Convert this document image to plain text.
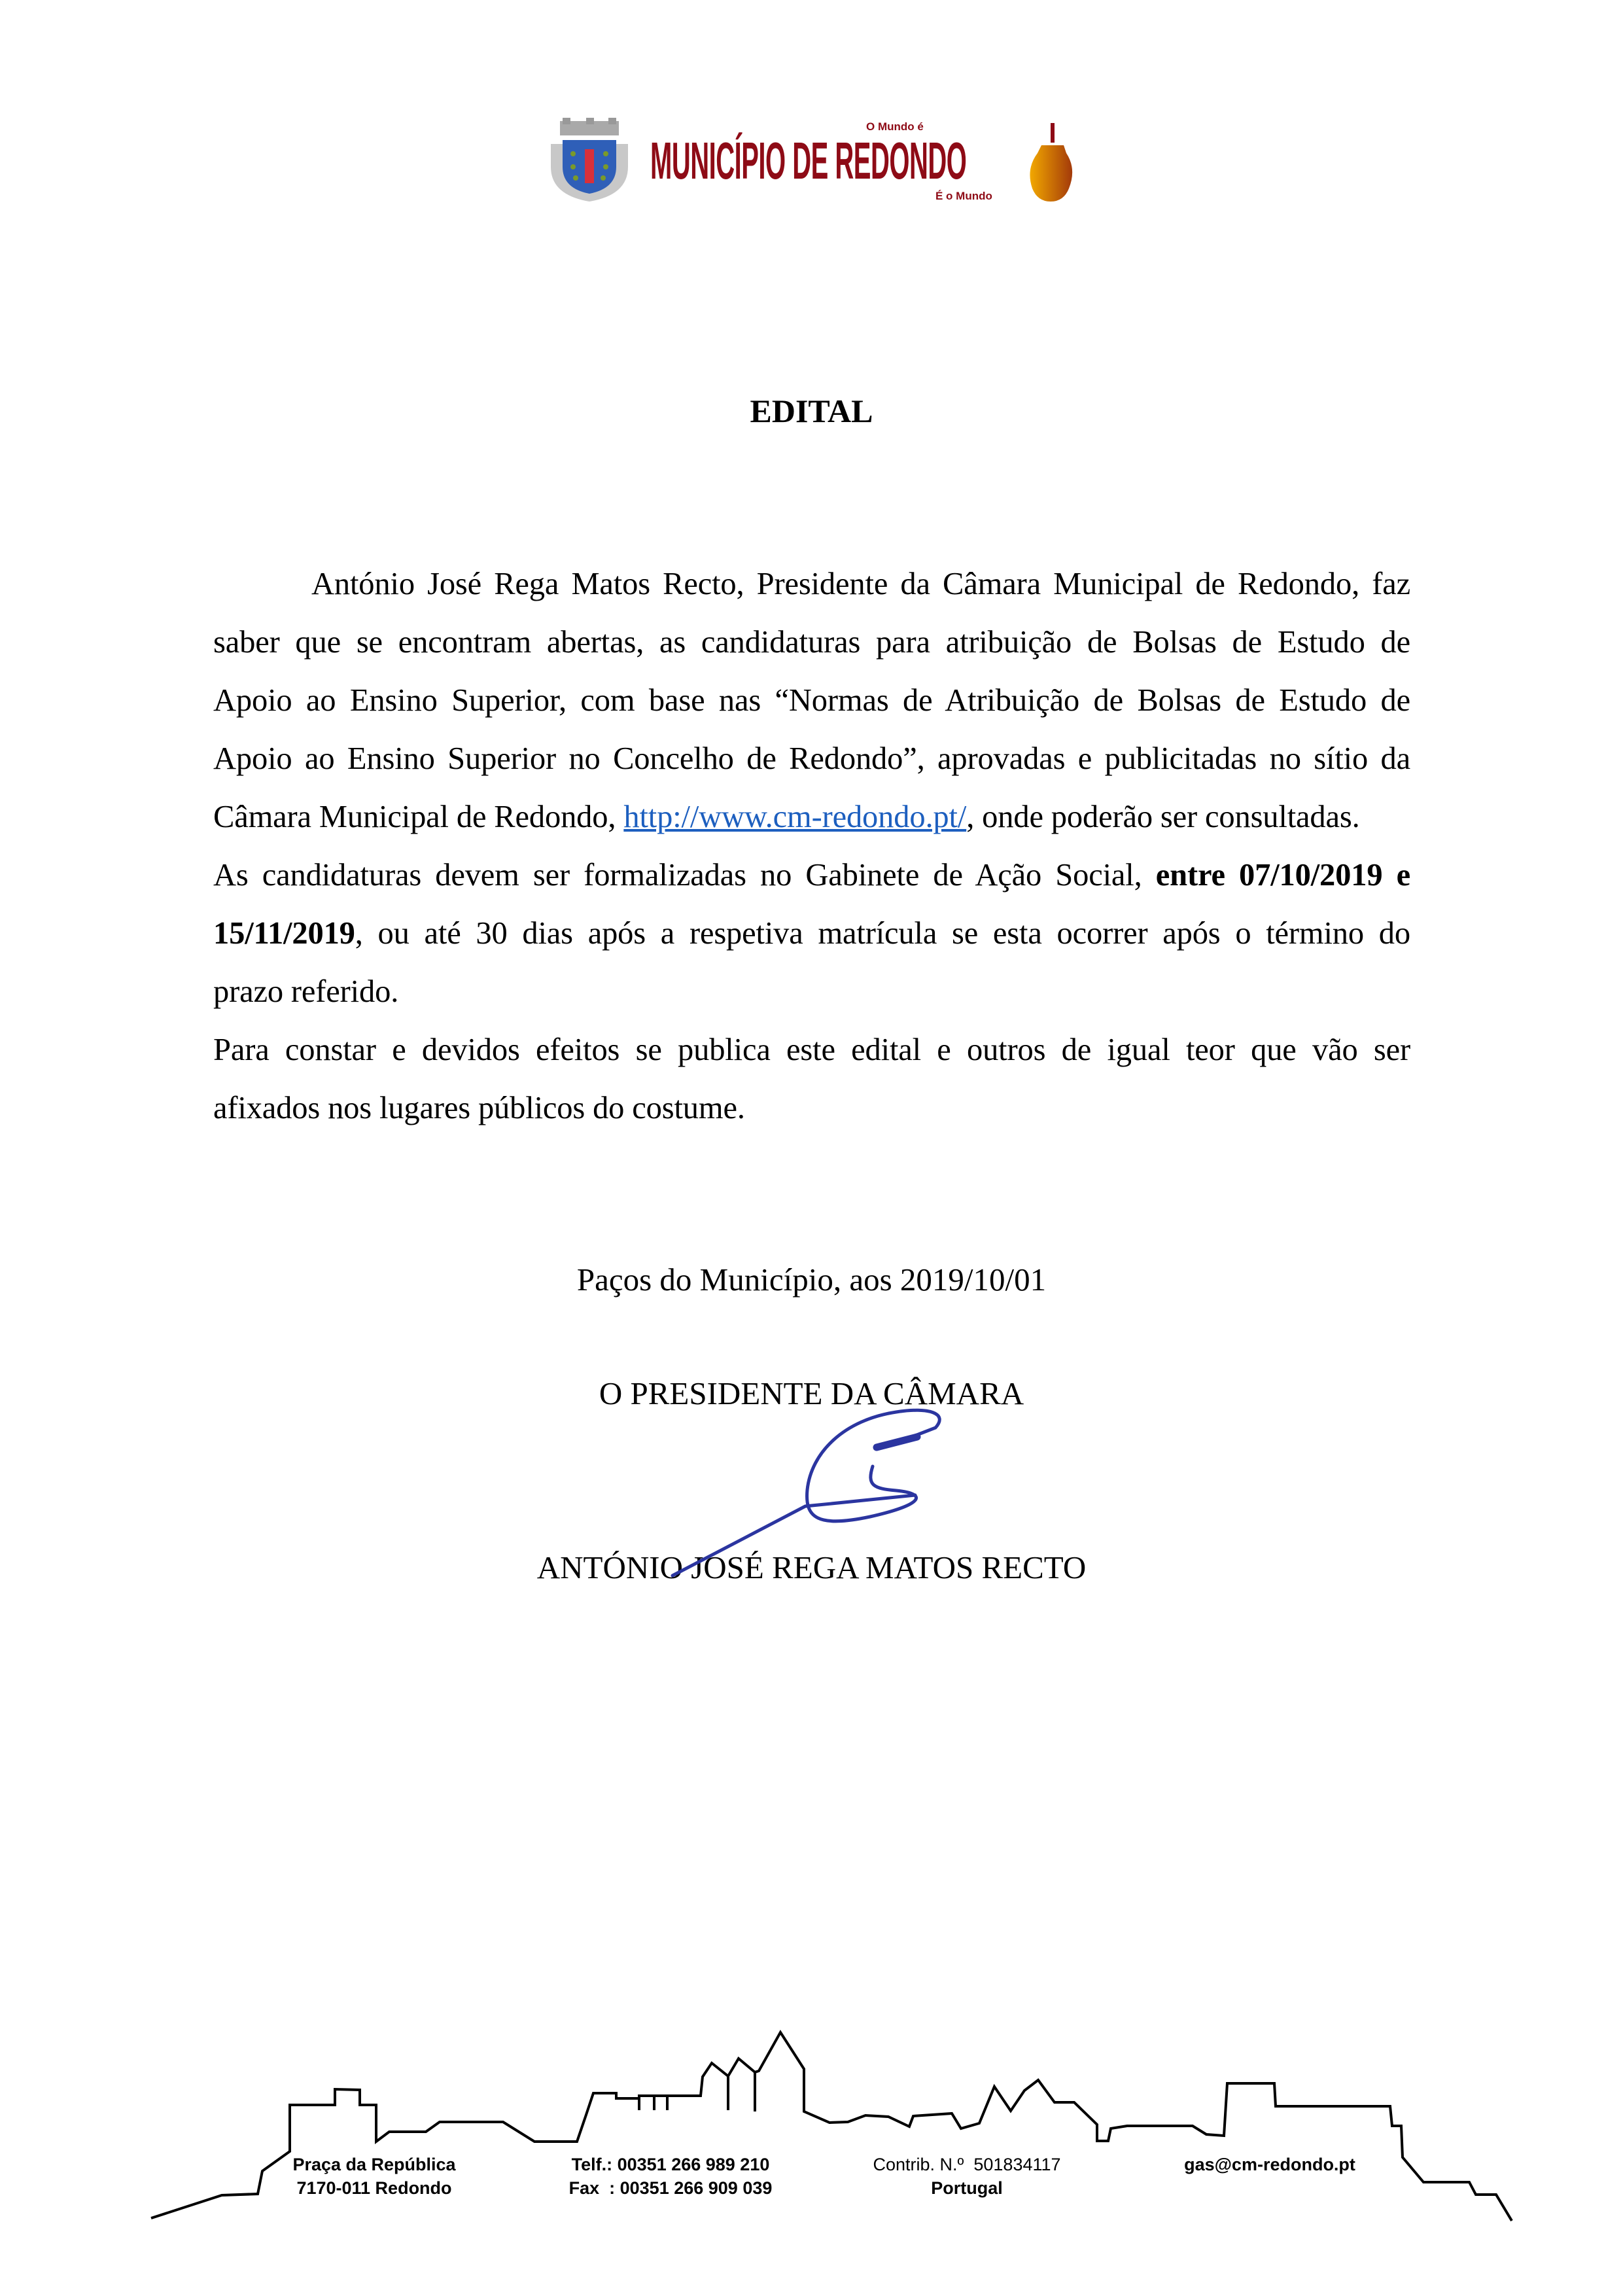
MUNICÍPIO DE REDONDO
O Mundo é
É o Mundo
EDITAL
António José Rega Matos Recto, Presidente da Câmara Municipal de Redondo, faz
saber que se encontram abertas, as candidaturas para atribuição de Bolsas de Estudo de
Apoio ao Ensino Superior, com base nas “Normas de Atribuição de Bolsas de Estudo de
Apoio ao Ensino Superior no Concelho de Redondo”, aprovadas e publicitadas no sítio da
Câmara Municipal de Redondo, http://www.cm-redondo.pt/, onde poderão ser consultadas.
As candidaturas devem ser formalizadas no Gabinete de Ação Social, entre 07/10/2019 e
15/11/2019, ou até 30 dias após a respetiva matrícula se esta ocorrer após o término do
prazo referido.
Para constar e devidos efeitos se publica este edital e outros de igual teor que vão ser
afixados nos lugares públicos do costume.
Paços do Município, aos 2019/10/01
O PRESIDENTE DA CÂMARA
ANTÓNIO JOSÉ REGA MATOS RECTO
Praça da República
7170-011 Redondo
Telf.: 00351 266 989 210
Fax  : 00351 266 909 039
Contrib. N.º  501834117
Portugal
gas@cm-redondo.pt
